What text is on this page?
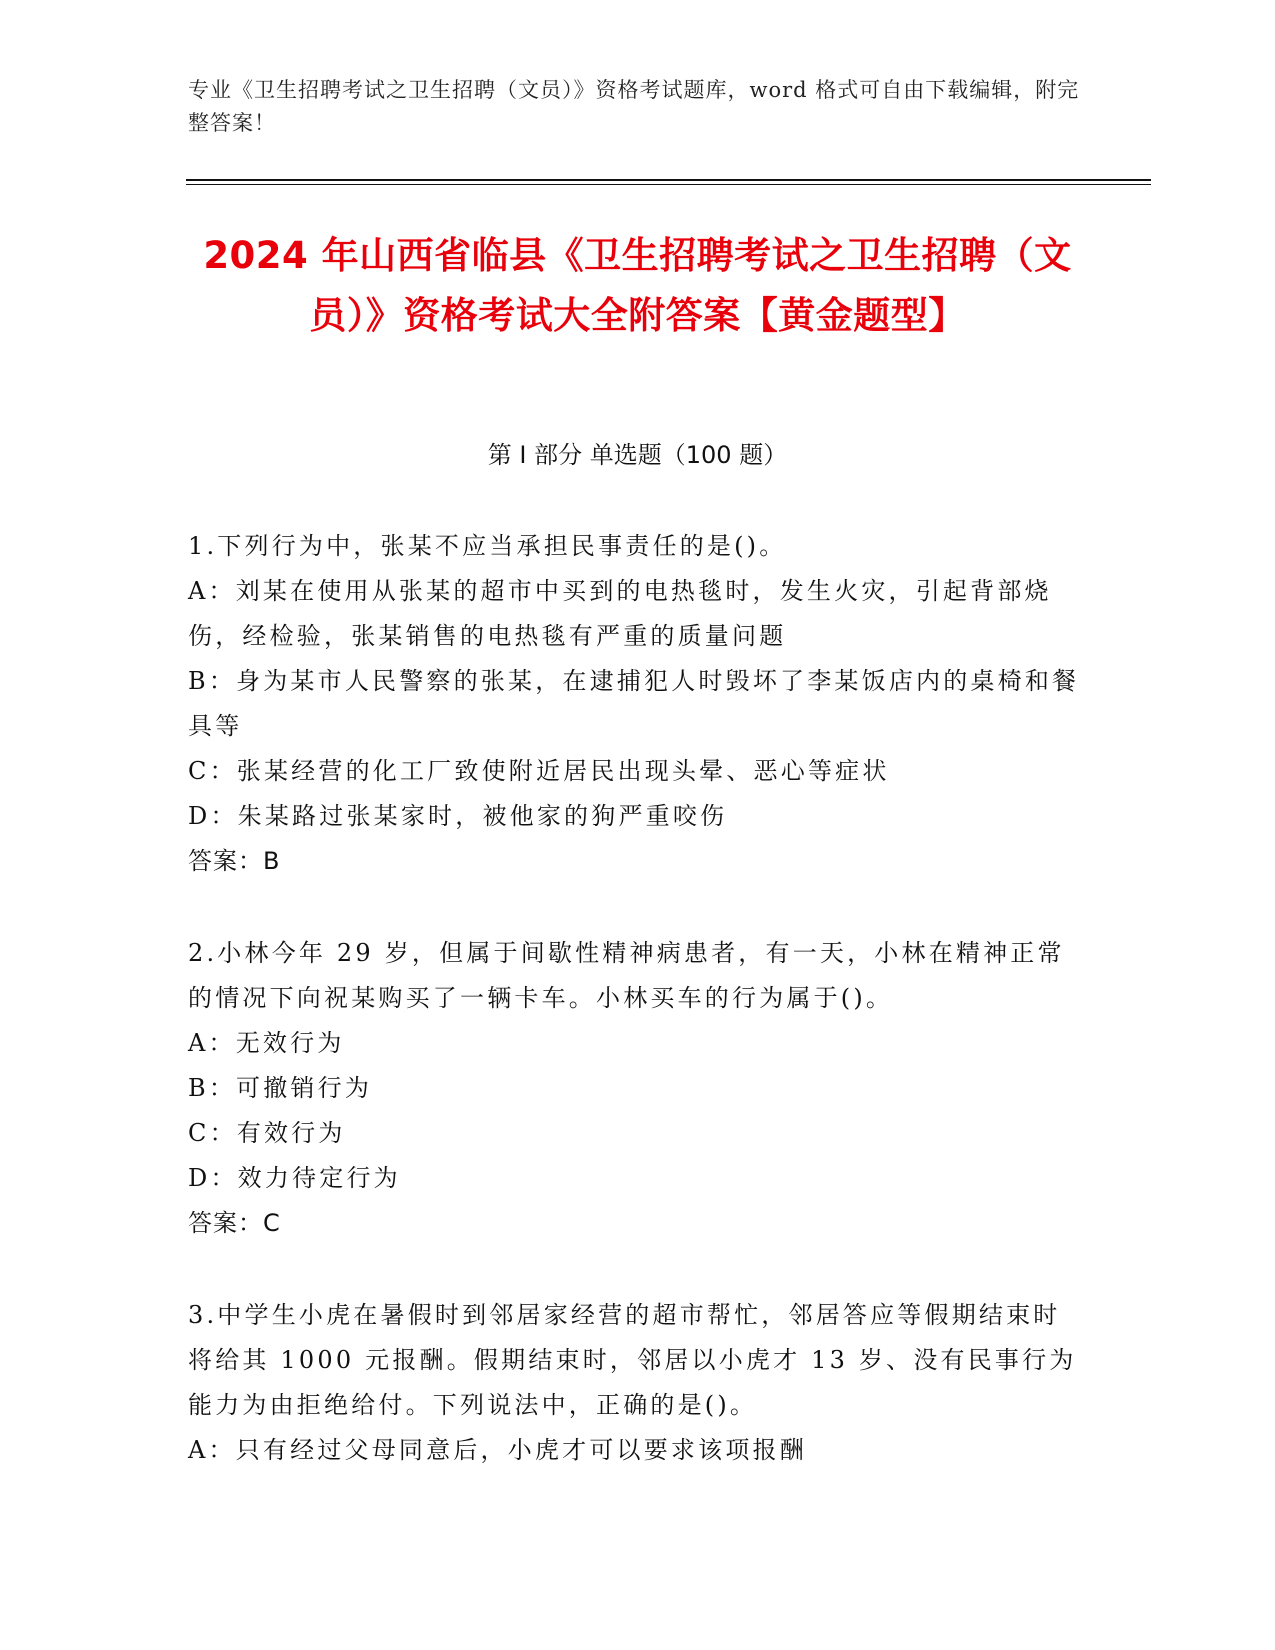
专业《卫生招聘考试之卫生招聘（文员）》资格考试题库，word 格式可自由下载编辑，附完整答案！
2024 年山西省临县《卫生招聘考试之卫生招聘（文员）》资格考试大全附答案【黄金题型】
第 I 部分 单选题（100 题）

1.下列行为中，张某不应当承担民事责任的是()。

A：刘某在使用从张某的超市中买到的电热毯时，发生火灾，引起背部烧伤，经检验，张某销售的电热毯有严重的质量问题

B：身为某市人民警察的张某，在逮捕犯人时毁坏了李某饭店内的桌椅和餐具等

C：张某经营的化工厂致使附近居民出现头晕、恶心等症状

D：朱某路过张某家时，被他家的狗严重咬伤

答案：B

2.小林今年 29 岁，但属于间歇性精神病患者，有一天，小林在精神正常的情况下向祝某购买了一辆卡车。小林买车的行为属于()。

A：无效行为

B：可撤销行为

C：有效行为

D：效力待定行为

答案：C

3.中学生小虎在暑假时到邻居家经营的超市帮忙，邻居答应等假期结束时将给其 1000 元报酬。假期结束时，邻居以小虎才 13 岁、没有民事行为能力为由拒绝给付。下列说法中，正确的是()。

A：只有经过父母同意后，小虎才可以要求该项报酬
